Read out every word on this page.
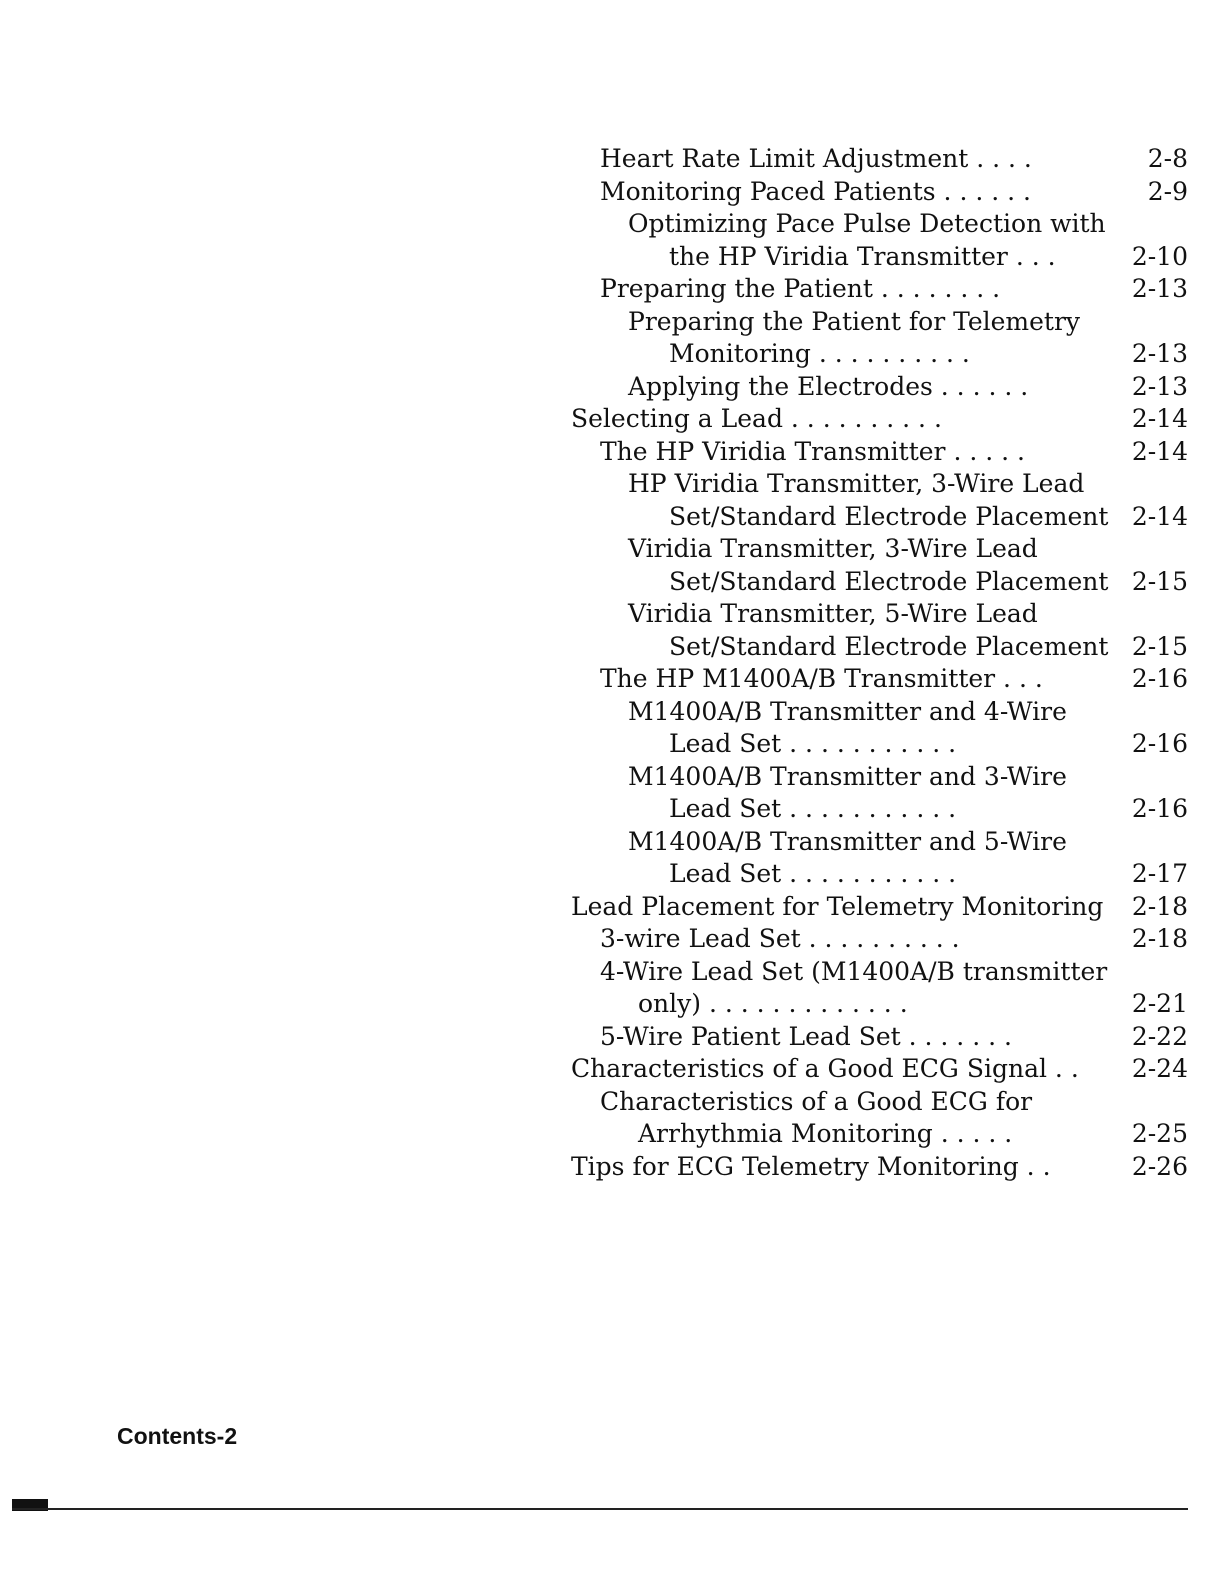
Heart Rate Limit Adjustment . . . .	2-8
Monitoring Paced Patients . . . . . .	2-9
Optimizing Pace Pulse Detection with
the HP Viridia Transmitter . . .	2-10
Preparing the Patient . . . . . . . .	2-13
Preparing the Patient for Telemetry
Monitoring . . . . . . . . . .	2-13
Applying the Electrodes . . . . . .	2-13
Selecting a Lead . . . . . . . . . .	2-14
The HP Viridia Transmitter . . . . .	2-14
HP Viridia Transmitter, 3-Wire Lead
Set/Standard Electrode Placement 2-14
Viridia Transmitter, 3-Wire Lead
Set/Standard Electrode Placement 2-15
Viridia Transmitter, 5-Wire Lead
Set/Standard Electrode Placement 2-15
The HP M1400A/B Transmitter . . .	2-16
M1400A/B Transmitter and 4-Wire
Lead Set . . . . . . . . . . .	2-16
M1400A/B Transmitter and 3-Wire
Lead Set . . . . . . . . . . .	2-16
M1400A/B Transmitter and 5-Wire
Lead Set . . . . . . . . . . .	2-17
Lead Placement for Telemetry Monitoring 2-18
3-wire Lead Set . . . . . . . . . .	2-18
4-Wire Lead Set (M1400A/B transmitter
only) . . . . . . . . . . . . .	2-21
5-Wire Patient Lead Set . . . . . . .	2-22
Characteristics of a Good ECG Signal . . 2-24
Characteristics of a Good ECG for
Arrhythmia Monitoring . . . . .	2-25
Tips for ECG Telemetry Monitoring . .	2-26
Contents-2
